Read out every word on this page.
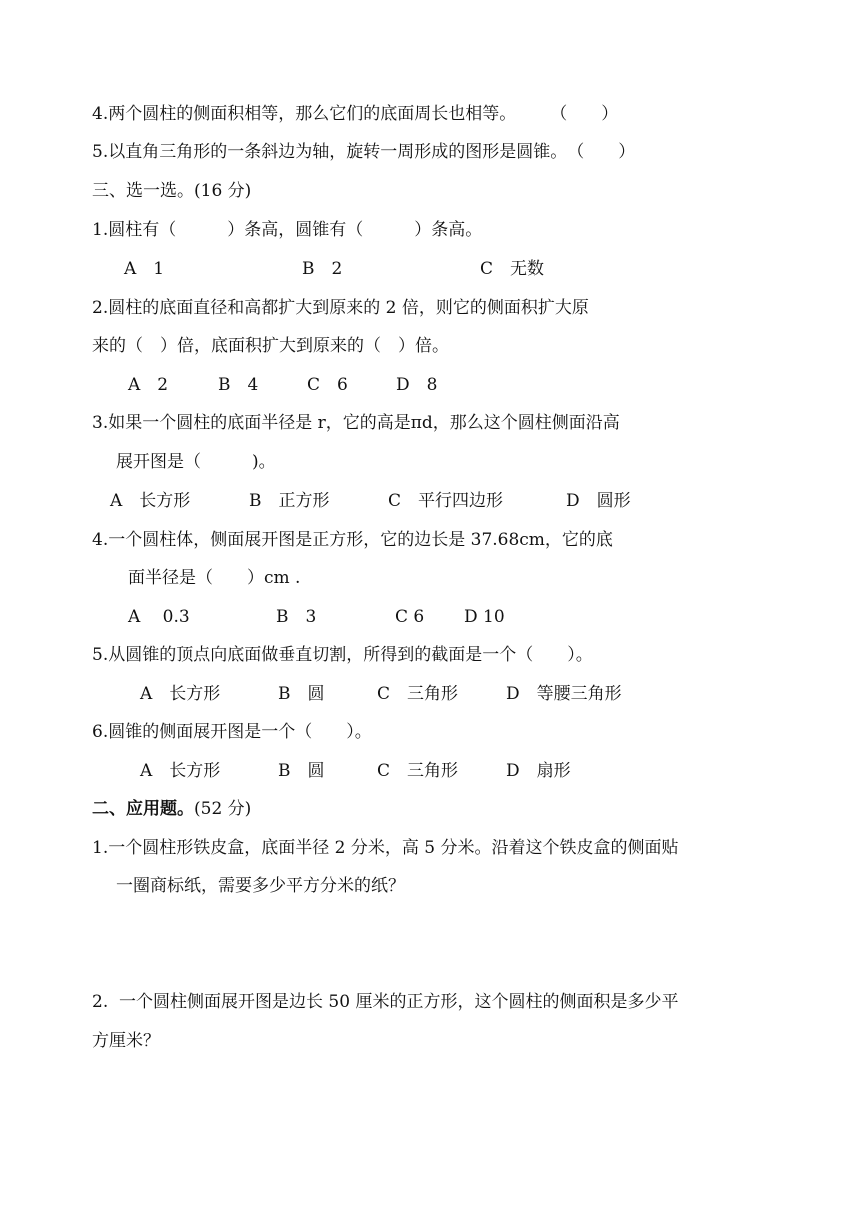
4.两个圆柱的侧面积相等，那么它们的底面周长也相等。　　　（　　）
5.以直角三角形的一条斜边为轴，旋转一周形成的图形是圆锥。　（　　）
三、选一选。(16 分)
1.圆柱有（　　　）条高，圆锥有（　　　）条高。
A　1	B　2	C　无数
2.圆柱的底面直径和高都扩大到原来的 2 倍，则它的侧面积扩大原
来的（　）倍，底面积扩大到原来的（　）倍。
A　2	B　4	C　6	D　8
3.如果一个圆柱的底面半径是 r，它的高是πd，那么这个圆柱侧面沿高
展开图是（　　　)。
A　长方形	B　正方形	C　平行四边形	D　圆形
4.一个圆柱体，侧面展开图是正方形，它的边长是 37.68cm，它的底
面半径是（　　）cm .
A　 0.3	B　3	C 6 D 10
5.从圆锥的顶点向底面做垂直切割，所得到的截面是一个（　　）。
A　长方形	B　圆	C　三角形	D　等腰三角形
6.圆锥的侧面展开图是一个（　　）。
A　长方形	B　圆	C　三角形	D　扇形
二、应用题。(52 分)
1.一个圆柱形铁皮盒，底面半径 2 分米，高 5 分米。沿着这个铁皮盒的侧面贴
一圈商标纸，需要多少平方分米的纸？
2.  一个圆柱侧面展开图是边长 50 厘米的正方形，这个圆柱的侧面积是多少平
方厘米？
